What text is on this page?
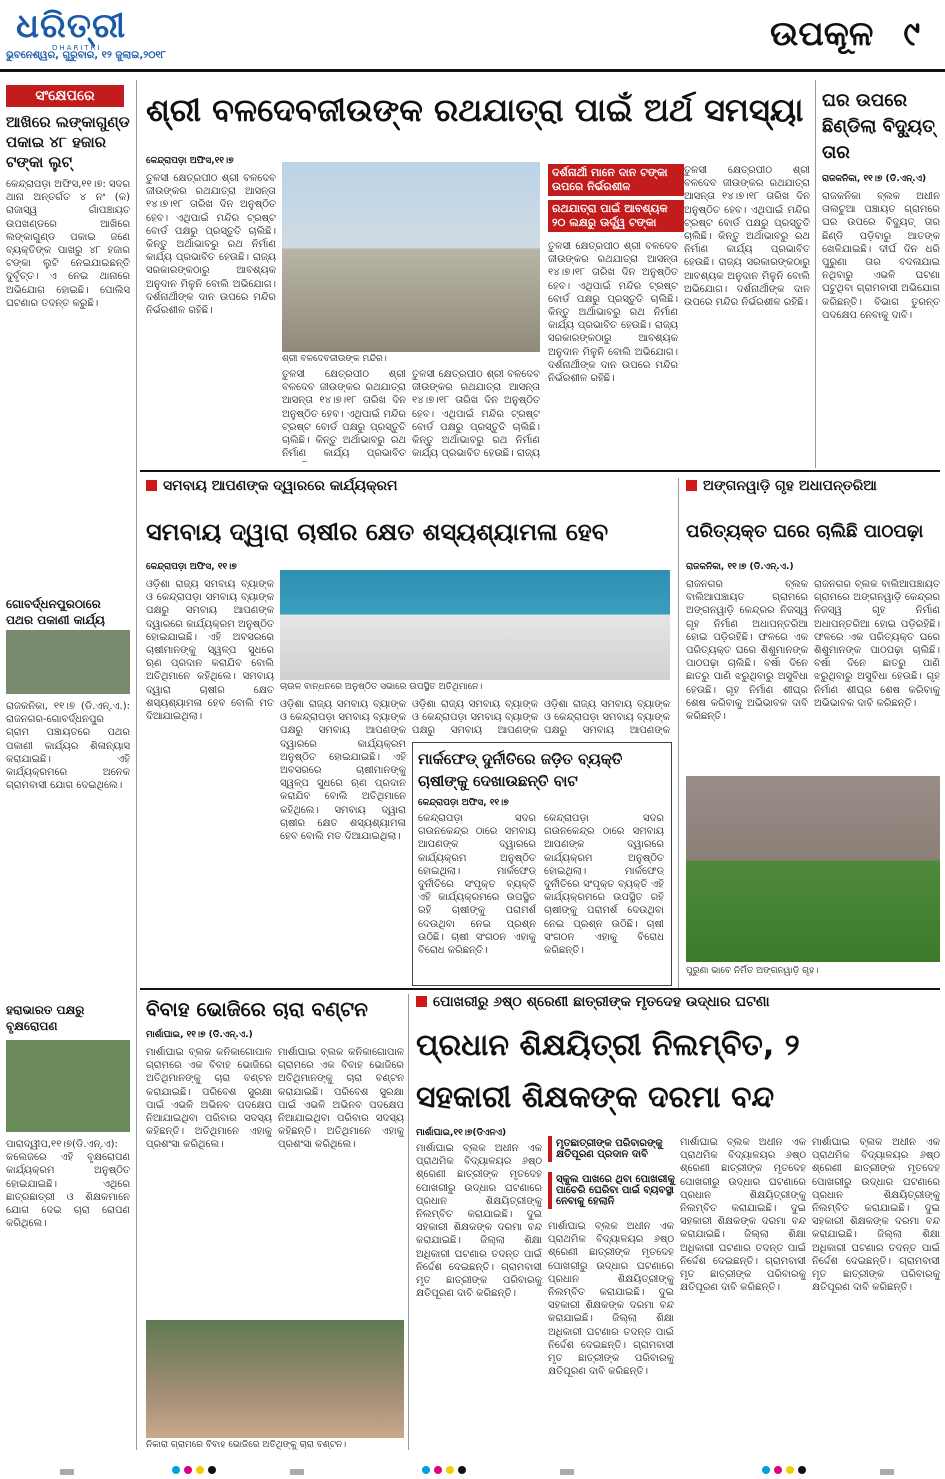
ଧରିତ୍ରୀ
DHARITRI
ଭୁବନେଶ୍ୱର, ଗୁରୁବାର, ୧୨ ଜୁଲାଇ,୨୦୧୮
ଉପକୂଳ ୯
ସଂକ୍ଷେପରେ
ଆଖିରେ ଲଙ୍କାଗୁଣ୍ଡ ପକାଇ ୪୮ ହଜାର ଟଙ୍କା ଲୁଟ୍
କେନ୍ଦ୍ରାପଡ଼ା ଅଫିସ,୧୧।୭: ସଦର ଥାନା ଅନ୍ତର୍ଗତ ୪ ନଂ (କ) ରାଜାସ୍ୱ ଗାଁପଞ୍ଚାୟତ ଉପଖଣ୍ଡରେ ଆଖିରେ ଲଙ୍କାଗୁଣ୍ଡ ପକାଇ ଜଣେ ବ୍ୟକ୍ତିଙ୍କ ପାଖରୁ ୪୮ ହଜାର ଟଙ୍କା ଲୁଟି ନେଇଯାଇଛନ୍ତି ଦୁର୍ବୃତ୍ତ। ଏ ନେଇ ଥାନାରେ ଅଭିଯୋଗ ହୋଇଛି। ପୋଲିସ ଘଟଣାର ତଦନ୍ତ କରୁଛି।
ଗୋବର୍ଦ୍ଧନପୁରଠାରେ ପଥର ପକାଣୀ କାର୍ଯ୍ୟ
ରାଜକନିକା, ୧୧।୭ (ଡି.ଏନ୍.ଏ.): ରାଜନଗର-ଗୋବର୍ଦ୍ଧନପୁର ଗ୍ରାମ ପଞ୍ଚାୟତରେ ପଥର ପକାଣୀ କାର୍ଯ୍ୟର ଶିଳାନ୍ୟାସ କରାଯାଇଛି। ଏହି କାର୍ଯ୍ୟକ୍ରମରେ ଅନେକ ଗ୍ରାମବାସୀ ଯୋଗ ଦେଇଥିଲେ।
ହରାଭାରତ ପକ୍ଷରୁ ବୃକ୍ଷରୋପଣ
ପାରାଦ୍ୱୀପ,୧୧।୭(ଡି.ଏନ୍.ଏ): କଲେଜରେ ଏହି ବୃକ୍ଷରୋପଣ କାର୍ଯ୍ୟକ୍ରମ ଅନୁଷ୍ଠିତ ହୋଇଯାଇଛି। ଏଥିରେ ଛାତ୍ରଛାତ୍ରୀ ଓ ଶିକ୍ଷକମାନେ ଯୋଗ ଦେଇ ଚାରା ରୋପଣ କରିଥିଲେ।
ଶ୍ରୀ ବଳଦେବଜୀଉଙ୍କ ରଥଯାତ୍ରା ପାଇଁ ଅର୍ଥ ସମସ୍ୟା
କେନ୍ଦ୍ରାପଡ଼ା ଅଫିସ,୧୧।୭
ତୁଳସୀ କ୍ଷେତ୍ରପୀଠ ଶ୍ରୀ ବଳଦେବ ଜୀଉଙ୍କର ରଥଯାତ୍ରା ଆସନ୍ତା ୧୪।୭।୧୮ ତାରିଖ ଦିନ ଅନୁଷ୍ଠିତ ହେବ। ଏଥିପାଇଁ ମନ୍ଦିର ଟ୍ରଷ୍ଟ ବୋର୍ଡ ପକ୍ଷରୁ ପ୍ରସ୍ତୁତି ଚାଲିଛି। କିନ୍ତୁ ଅର୍ଥାଭାବରୁ ରଥ ନିର୍ମାଣ କାର୍ଯ୍ୟ ପ୍ରଭାବିତ ହେଉଛି। ରାଜ୍ୟ ସରକାରଙ୍କଠାରୁ ଆବଶ୍ୟକ ଅନୁଦାନ ମିଳୁନି ବୋଲି ଅଭିଯୋଗ। ଦର୍ଶନାର୍ଥୀଙ୍କ ଦାନ ଉପରେ ମନ୍ଦିର ନିର୍ଭରଶୀଳ ରହିଛି।
ଶ୍ରୀ ବଳଦେବଜୀଉଙ୍କ ମନ୍ଦିର।
ତୁଳସୀ କ୍ଷେତ୍ରପୀଠ ଶ୍ରୀ ବଳଦେବ ଜୀଉଙ୍କର ରଥଯାତ୍ରା ଆସନ୍ତା ୧୪।୭।୧୮ ତାରିଖ ଦିନ ଅନୁଷ୍ଠିତ ହେବ। ଏଥିପାଇଁ ମନ୍ଦିର ଟ୍ରଷ୍ଟ ବୋର୍ଡ ପକ୍ଷରୁ ପ୍ରସ୍ତୁତି ଚାଲିଛି। କିନ୍ତୁ ଅର୍ଥାଭାବରୁ ରଥ ନିର୍ମାଣ କାର୍ଯ୍ୟ ପ୍ରଭାବିତ
ତୁଳସୀ କ୍ଷେତ୍ରପୀଠ ଶ୍ରୀ ବଳଦେବ ଜୀଉଙ୍କର ରଥଯାତ୍ରା ଆସନ୍ତା ୧୪।୭।୧୮ ତାରିଖ ଦିନ ଅନୁଷ୍ଠିତ ହେବ। ଏଥିପାଇଁ ମନ୍ଦିର ଟ୍ରଷ୍ଟ ବୋର୍ଡ ପକ୍ଷରୁ ପ୍ରସ୍ତୁତି ଚାଲିଛି। କିନ୍ତୁ ଅର୍ଥାଭାବରୁ ରଥ ନିର୍ମାଣ କାର୍ଯ୍ୟ ପ୍ରଭାବିତ ହେଉଛି। ରାଜ୍ୟ
ଦର୍ଶନାର୍ଥୀ ମାନେ ଦାନ ଟଙ୍କା ଉପରେ ନିର୍ଭରଶୀଳ
ରଥଯାତ୍ରା ପାଇଁ ଆବଶ୍ୟକ ୨୦ ଲକ୍ଷରୁ ଊର୍ଦ୍ଧ୍ୱ ଟଙ୍କା
ତୁଳସୀ କ୍ଷେତ୍ରପୀଠ ଶ୍ରୀ ବଳଦେବ ଜୀଉଙ୍କର ରଥଯାତ୍ରା ଆସନ୍ତା ୧୪।୭।୧୮ ତାରିଖ ଦିନ ଅନୁଷ୍ଠିତ ହେବ। ଏଥିପାଇଁ ମନ୍ଦିର ଟ୍ରଷ୍ଟ ବୋର୍ଡ ପକ୍ଷରୁ ପ୍ରସ୍ତୁତି ଚାଲିଛି। କିନ୍ତୁ ଅର୍ଥାଭାବରୁ ରଥ ନିର୍ମାଣ କାର୍ଯ୍ୟ ପ୍ରଭାବିତ ହେଉଛି। ରାଜ୍ୟ ସରକାରଙ୍କଠାରୁ ଆବଶ୍ୟକ ଅନୁଦାନ ମିଳୁନି ବୋଲି ଅଭିଯୋଗ। ଦର୍ଶନାର୍ଥୀଙ୍କ ଦାନ ଉପରେ ମନ୍ଦିର ନିର୍ଭରଶୀଳ ରହିଛି।
ତୁଳସୀ କ୍ଷେତ୍ରପୀଠ ଶ୍ରୀ ବଳଦେବ ଜୀଉଙ୍କର ରଥଯାତ୍ରା ଆସନ୍ତା ୧୪।୭।୧୮ ତାରିଖ ଦିନ ଅନୁଷ୍ଠିତ ହେବ। ଏଥିପାଇଁ ମନ୍ଦିର ଟ୍ରଷ୍ଟ ବୋର୍ଡ ପକ୍ଷରୁ ପ୍ରସ୍ତୁତି ଚାଲିଛି। କିନ୍ତୁ ଅର୍ଥାଭାବରୁ ରଥ ନିର୍ମାଣ କାର୍ଯ୍ୟ ପ୍ରଭାବିତ ହେଉଛି। ରାଜ୍ୟ ସରକାରଙ୍କଠାରୁ ଆବଶ୍ୟକ ଅନୁଦାନ ମିଳୁନି ବୋଲି ଅଭିଯୋଗ। ଦର୍ଶନାର୍ଥୀଙ୍କ ଦାନ ଉପରେ ମନ୍ଦିର ନିର୍ଭରଶୀଳ ରହିଛି।
ଘର ଉପରେ ଛିଣ୍ଡିଲା ବିଦ୍ୟୁତ୍ ତାର
ରାଜକନିକା, ୧୧।୭ (ଡି.ଏନ୍.ଏ)
ରାଜକନିକା ବ୍ଲକ ଅଧୀନ ତାଲଚୁଆ ପଞ୍ଚାୟତ ଗ୍ରାମରେ ଘର ଉପରେ ବିଦ୍ୟୁତ୍ ତାର ଛିଣ୍ଡି ପଡ଼ିବାରୁ ଆତଙ୍କ ଖେଳିଯାଇଛି। ଦୀର୍ଘ ଦିନ ଧରି ପୁରୁଣା ତାର ବଦଳାଯାଇ ନଥିବାରୁ ଏଭଳି ଘଟଣା ଘଟୁଥିବା ଗ୍ରାମବାସୀ ଅଭିଯୋଗ କରିଛନ୍ତି। ବିଭାଗ ତୁରନ୍ତ ପଦକ୍ଷେପ ନେବାକୁ ଦାବି।
ସମବାୟ ଆପଣଙ୍କ ଦ୍ୱାରରେ କାର୍ଯ୍ୟକ୍ରମ
ସମବାୟ ଦ୍ୱାରା ଚାଷୀର କ୍ଷେତ ଶସ୍ୟଶ୍ୟାମଳା ହେବ
କେନ୍ଦ୍ରାପଡ଼ା ଅଫିସ, ୧୧।୭
ଓଡ଼ିଶା ରାଜ୍ୟ ସମବାୟ ବ୍ୟାଙ୍କ ଓ କେନ୍ଦ୍ରାପଡ଼ା ସମବାୟ ବ୍ୟାଙ୍କ ପକ୍ଷରୁ ସମବାୟ ଆପଣଙ୍କ ଦ୍ୱାରରେ କାର୍ଯ୍ୟକ୍ରମ ଅନୁଷ୍ଠିତ ହୋଇଯାଇଛି। ଏହି ଅବସରରେ ଚାଷୀମାନଙ୍କୁ ସ୍ୱଳ୍ପ ସୁଧରେ ଋଣ ପ୍ରଦାନ କରାଯିବ ବୋଲି ଅତିଥିମାନେ କହିଥିଲେ। ସମବାୟ ଦ୍ୱାରା ଚାଷୀର କ୍ଷେତ ଶସ୍ୟଶ୍ୟାମଳା ହେବ ବୋଲି ମତ ଦିଆଯାଇଥିଲା।
ଚାଉଳ ବାନ୍ଧନରେ ଅନୁଷ୍ଠିତ ସଭାରେ ଉପସ୍ଥିତ ଅତିଥିମାନେ।
ଓଡ଼ିଶା ରାଜ୍ୟ ସମବାୟ ବ୍ୟାଙ୍କ ଓ କେନ୍ଦ୍ରାପଡ଼ା ସମବାୟ ବ୍ୟାଙ୍କ ପକ୍ଷରୁ ସମବାୟ ଆପଣଙ୍କ ଦ୍ୱାରରେ କାର୍ଯ୍ୟକ୍ରମ ଅନୁଷ୍ଠିତ ହୋଇଯାଇଛି। ଏହି ଅବସରରେ ଚାଷୀମାନଙ୍କୁ ସ୍ୱଳ୍ପ ସୁଧରେ ଋଣ ପ୍ରଦାନ କରାଯିବ ବୋଲି ଅତିଥିମାନେ କହିଥିଲେ। ସମବାୟ ଦ୍ୱାରା ଚାଷୀର କ୍ଷେତ ଶସ୍ୟଶ୍ୟାମଳା ହେବ ବୋଲି ମତ ଦିଆଯାଇଥିଲା।
ଓଡ଼ିଶା ରାଜ୍ୟ ସମବାୟ ବ୍ୟାଙ୍କ ଓ କେନ୍ଦ୍ରାପଡ଼ା ସମବାୟ ବ୍ୟାଙ୍କ ପକ୍ଷରୁ ସମବାୟ ଆପଣଙ୍କ
ଓଡ଼ିଶା ରାଜ୍ୟ ସମବାୟ ବ୍ୟାଙ୍କ ଓ କେନ୍ଦ୍ରାପଡ଼ା ସମବାୟ ବ୍ୟାଙ୍କ ପକ୍ଷରୁ ସମବାୟ ଆପଣଙ୍କ
ମାର୍କଫେଡ୍ ଦୁର୍ନୀତିରେ ଜଡ଼ିତ ବ୍ୟକ୍ତି ଚାଷୀଙ୍କୁ ଦେଖାଉଛନ୍ତି ବାଟ
କେନ୍ଦ୍ରାପଡ଼ା ଅଫିସ, ୧୧।୭
କେନ୍ଦ୍ରାପଡ଼ା ସଦର ଗଉନକେନ୍ଦ୍ର ଠାରେ ସମବାୟ ଆପଣଙ୍କ ଦ୍ୱାରରେ କାର୍ଯ୍ୟକ୍ରମ ଅନୁଷ୍ଠିତ ହୋଇଥିଲା। ମାର୍କଫେଡ୍ ଦୁର୍ନୀତିରେ ସଂପୃକ୍ତ ବ୍ୟକ୍ତି ଏହି କାର୍ଯ୍ୟକ୍ରମରେ ଉପସ୍ଥିତ ରହି ଚାଷୀଙ୍କୁ ପରାମର୍ଶ ଦେଉଥିବା ନେଇ ପ୍ରଶ୍ନ ଉଠିଛି। ଚାଷୀ ସଂଗଠନ ଏହାକୁ ବିରୋଧ କରିଛନ୍ତି।
କେନ୍ଦ୍ରାପଡ଼ା ସଦର ଗଉନକେନ୍ଦ୍ର ଠାରେ ସମବାୟ ଆପଣଙ୍କ ଦ୍ୱାରରେ କାର୍ଯ୍ୟକ୍ରମ ଅନୁଷ୍ଠିତ ହୋଇଥିଲା। ମାର୍କଫେଡ୍ ଦୁର୍ନୀତିରେ ସଂପୃକ୍ତ ବ୍ୟକ୍ତି ଏହି କାର୍ଯ୍ୟକ୍ରମରେ ଉପସ୍ଥିତ ରହି ଚାଷୀଙ୍କୁ ପରାମର୍ଶ ଦେଉଥିବା ନେଇ ପ୍ରଶ୍ନ ଉଠିଛି। ଚାଷୀ ସଂଗଠନ ଏହାକୁ ବିରୋଧ କରିଛନ୍ତି।
ଅଙ୍ଗନୱାଡ଼ି ଗୃହ ଅଧାପନ୍ତରିଆ
ପରିତ୍ୟକ୍ତ ଘରେ ଚାଲିଛି ପାଠପଢ଼ା
ରାଜକନିକା, ୧୧।୭ (ଡି.ଏନ୍.ଏ.)
ରାଜନଗର ବ୍ଲକ ବାଲିଆପଞ୍ଚାୟତ ଗ୍ରାମରେ ଅଙ୍ଗନୱାଡ଼ି କେନ୍ଦ୍ରର ନିଜସ୍ୱ ଗୃହ ନିର୍ମାଣ ଅଧାପନ୍ତରିଆ ହୋଇ ପଡ଼ିରହିଛି। ଫଳରେ ଏକ ପରିତ୍ୟକ୍ତ ଘରେ ଶିଶୁମାନଙ୍କ ପାଠପଢ଼ା ଚାଲିଛି। ବର୍ଷା ଦିନେ ଛାତରୁ ପାଣି ଝରୁଥିବାରୁ ଅସୁବିଧା ହେଉଛି। ଗୃହ ନିର୍ମାଣ ଶୀଘ୍ର ଶେଷ କରିବାକୁ ଅଭିଭାବକ ଦାବି କରିଛନ୍ତି।
ରାଜନଗର ବ୍ଲକ ବାଲିଆପଞ୍ଚାୟତ ଗ୍ରାମରେ ଅଙ୍ଗନୱାଡ଼ି କେନ୍ଦ୍ରର ନିଜସ୍ୱ ଗୃହ ନିର୍ମାଣ ଅଧାପନ୍ତରିଆ ହୋଇ ପଡ଼ିରହିଛି। ଫଳରେ ଏକ ପରିତ୍ୟକ୍ତ ଘରେ ଶିଶୁମାନଙ୍କ ପାଠପଢ଼ା ଚାଲିଛି। ବର୍ଷା ଦିନେ ଛାତରୁ ପାଣି ଝରୁଥିବାରୁ ଅସୁବିଧା ହେଉଛି। ଗୃହ ନିର୍ମାଣ ଶୀଘ୍ର ଶେଷ କରିବାକୁ ଅଭିଭାବକ ଦାବି କରିଛନ୍ତି।
ପୁରୁଣା ଭାବେ ନିର୍ମିତ ଅଙ୍ଗନୱାଡ଼ି ଗୃହ।
ବିବାହ ଭୋଜିରେ ଚାରା ବଣ୍ଟନ
ମାର୍ଶାଘାଇ, ୧୧।୭ (ଡି.ଏନ୍.ଏ.)
ମାର୍ଶାଘାଇ ବ୍ଲକ କନିକାଗୋପାଳ ଗ୍ରାମରେ ଏକ ବିବାହ ଭୋଜିରେ ଅତିଥିମାନଙ୍କୁ ଚାରା ବଣ୍ଟନ କରାଯାଇଛି। ପରିବେଶ ସୁରକ୍ଷା ପାଇଁ ଏଭଳି ଅଭିନବ ପଦକ୍ଷେପ ନିଆଯାଇଥିବା ପରିବାର ସଦସ୍ୟ କହିଛନ୍ତି। ଅତିଥିମାନେ ଏହାକୁ ପ୍ରଶଂସା କରିଥିଲେ।
ମାର୍ଶାଘାଇ ବ୍ଲକ କନିକାଗୋପାଳ ଗ୍ରାମରେ ଏକ ବିବାହ ଭୋଜିରେ ଅତିଥିମାନଙ୍କୁ ଚାରା ବଣ୍ଟନ କରାଯାଇଛି। ପରିବେଶ ସୁରକ୍ଷା ପାଇଁ ଏଭଳି ଅଭିନବ ପଦକ୍ଷେପ ନିଆଯାଇଥିବା ପରିବାର ସଦସ୍ୟ କହିଛନ୍ତି। ଅତିଥିମାନେ ଏହାକୁ ପ୍ରଶଂସା କରିଥିଲେ।
ନିକାରା ଗ୍ରାମରେ ବିବାହ ଭୋଜିରେ ଅତିଥିଙ୍କୁ ଚାରା ବଣ୍ଟନ।
ପୋଖରୀରୁ ୬ଷ୍ଠ ଶ୍ରେଣୀ ଛାତ୍ରୀଙ୍କ ମୃତଦେହ ଉଦ୍ଧାର ଘଟଣା
ପ୍ରଧାନ ଶିକ୍ଷୟିତ୍ରୀ ନିଲମ୍ବିତ, ୨
ସହକାରୀ ଶିକ୍ଷକଙ୍କ ଦରମା ବନ୍ଦ
ମାର୍ଶାଘାଇ,୧୧।୭(ଡିଏନଏ)
ମାର୍ଶାଘାଇ ବ୍ଲକ ଅଧୀନ ଏକ ପ୍ରାଥମିକ ବିଦ୍ୟାଳୟର ୬ଷ୍ଠ ଶ୍ରେଣୀ ଛାତ୍ରୀଙ୍କ ମୃତଦେହ ପୋଖରୀରୁ ଉଦ୍ଧାର ଘଟଣାରେ ପ୍ରଧାନ ଶିକ୍ଷୟିତ୍ରୀଙ୍କୁ ନିଲମ୍ବିତ କରାଯାଇଛି। ଦୁଇ ସହକାରୀ ଶିକ୍ଷକଙ୍କ ଦରମା ବନ୍ଦ କରାଯାଇଛି। ଜିଲ୍ଲା ଶିକ୍ଷା ଅଧିକାରୀ ଘଟଣାର ତଦନ୍ତ ପାଇଁ ନିର୍ଦ୍ଦେଶ ଦେଇଛନ୍ତି। ଗ୍ରାମବାସୀ ମୃତ ଛାତ୍ରୀଙ୍କ ପରିବାରକୁ କ୍ଷତିପୂରଣ ଦାବି କରିଛନ୍ତି।
ମୃତଛାତ୍ରୀଙ୍କ ପରିବାରଙ୍କୁ କ୍ଷତିପୂରଣ ପ୍ରଦାନ ଦାବି
ସ୍କୁଲ ପାଖରେ ଥିବା ପୋଖରୀକୁ ପାଚେରି ଘେରିବା ପାଇଁ ବ୍ୟବସ୍ଥା ନେବାକୁ ହେଲାନି
ମାର୍ଶାଘାଇ ବ୍ଲକ ଅଧୀନ ଏକ ପ୍ରାଥମିକ ବିଦ୍ୟାଳୟର ୬ଷ୍ଠ ଶ୍ରେଣୀ ଛାତ୍ରୀଙ୍କ ମୃତଦେହ ପୋଖରୀରୁ ଉଦ୍ଧାର ଘଟଣାରେ ପ୍ରଧାନ ଶିକ୍ଷୟିତ୍ରୀଙ୍କୁ ନିଲମ୍ବିତ କରାଯାଇଛି। ଦୁଇ ସହକାରୀ ଶିକ୍ଷକଙ୍କ ଦରମା ବନ୍ଦ କରାଯାଇଛି। ଜିଲ୍ଲା ଶିକ୍ଷା ଅଧିକାରୀ ଘଟଣାର ତଦନ୍ତ ପାଇଁ ନିର୍ଦ୍ଦେଶ ଦେଇଛନ୍ତି। ଗ୍ରାମବାସୀ ମୃତ ଛାତ୍ରୀଙ୍କ ପରିବାରକୁ କ୍ଷତିପୂରଣ ଦାବି କରିଛନ୍ତି।
ମାର୍ଶାଘାଇ ବ୍ଲକ ଅଧୀନ ଏକ ପ୍ରାଥମିକ ବିଦ୍ୟାଳୟର ୬ଷ୍ଠ ଶ୍ରେଣୀ ଛାତ୍ରୀଙ୍କ ମୃତଦେହ ପୋଖରୀରୁ ଉଦ୍ଧାର ଘଟଣାରେ ପ୍ରଧାନ ଶିକ୍ଷୟିତ୍ରୀଙ୍କୁ ନିଲମ୍ବିତ କରାଯାଇଛି। ଦୁଇ ସହକାରୀ ଶିକ୍ଷକଙ୍କ ଦରମା ବନ୍ଦ କରାଯାଇଛି। ଜିଲ୍ଲା ଶିକ୍ଷା ଅଧିକାରୀ ଘଟଣାର ତଦନ୍ତ ପାଇଁ ନିର୍ଦ୍ଦେଶ ଦେଇଛନ୍ତି। ଗ୍ରାମବାସୀ ମୃତ ଛାତ୍ରୀଙ୍କ ପରିବାରକୁ କ୍ଷତିପୂରଣ ଦାବି କରିଛନ୍ତି।
ମାର୍ଶାଘାଇ ବ୍ଲକ ଅଧୀନ ଏକ ପ୍ରାଥମିକ ବିଦ୍ୟାଳୟର ୬ଷ୍ଠ ଶ୍ରେଣୀ ଛାତ୍ରୀଙ୍କ ମୃତଦେହ ପୋଖରୀରୁ ଉଦ୍ଧାର ଘଟଣାରେ ପ୍ରଧାନ ଶିକ୍ଷୟିତ୍ରୀଙ୍କୁ ନିଲମ୍ବିତ କରାଯାଇଛି। ଦୁଇ ସହକାରୀ ଶିକ୍ଷକଙ୍କ ଦରମା ବନ୍ଦ କରାଯାଇଛି। ଜିଲ୍ଲା ଶିକ୍ଷା ଅଧିକାରୀ ଘଟଣାର ତଦନ୍ତ ପାଇଁ ନିର୍ଦ୍ଦେଶ ଦେଇଛନ୍ତି। ଗ୍ରାମବାସୀ ମୃତ ଛାତ୍ରୀଙ୍କ ପରିବାରକୁ କ୍ଷତିପୂରଣ ଦାବି କରିଛନ୍ତି।
